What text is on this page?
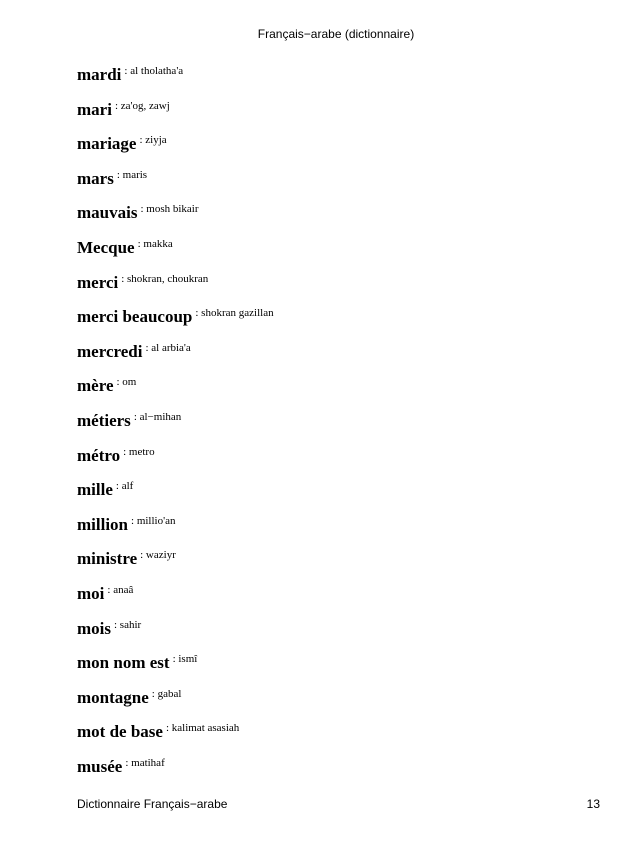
Français−arabe (dictionnaire)
mardi : al tholatha'a
mari : za'og, zawj
mariage : ziyja
mars : maris
mauvais : mosh bikair
Mecque : makka
merci : shokran, choukran
merci beaucoup : shokran gazillan
mercredi : al arbia'a
mère : om
métiers : al−mihan
métro : metro
mille : alf
million : millio'an
ministre : waziyr
moi : anaâ
mois : sahir
mon nom est : ismî
montagne : gabal
mot de base : kalimat asasiah
musée : matihaf
Dictionnaire Français−arabe	13
